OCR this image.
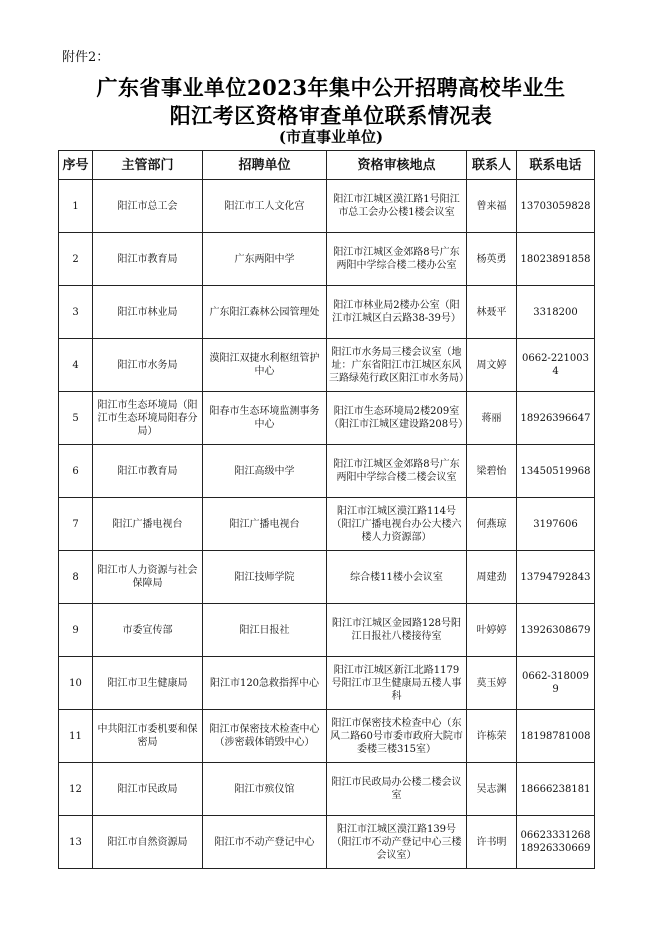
附件2：
广东省事业单位2023年集中公开招聘高校毕业生
阳江考区资格审查单位联系情况表
(市直事业单位)
序号	主管部门	招聘单位	资格审核地点	联系人	联系电话
1	阳江市总工会	阳江市工人文化宫	阳江市江城区漠江路1号阳江市总工会办公楼1楼会议室	曾来福	13703059828
2	阳江市教育局	广东两阳中学	阳江市江城区金郊路8号广东两阳中学综合楼二楼办公室	杨英勇	18023891858
3	阳江市林业局	广东阳江森林公园管理处	阳江市林业局2楼办公室（阳江市江城区白云路38-39号）	林聂平	3318200
4	阳江市水务局	漠阳江双捷水利枢纽管护中心	阳江市水务局三楼会议室（地址：广东省阳江市江城区东风三路绿苑行政区阳江市水务局）	周文婷	0662-2210034
5	阳江市生态环境局（阳江市生态环境局阳春分局）	阳春市生态环境监测事务中心	阳江市生态环境局2楼209室（阳江市江城区建设路208号）	蒋丽	18926396647
6	阳江市教育局	阳江高级中学	阳江市江城区金郊路8号广东两阳中学综合楼二楼会议室	梁碧怡	13450519968
7	阳江广播电视台	阳江广播电视台	阳江市江城区漠江路114号（阳江广播电视台办公大楼六楼人力资源部）	何燕琼	3197606
8	阳江市人力资源与社会保障局	阳江技师学院	综合楼11楼小会议室	周建劲	13794792843
9	市委宣传部	阳江日报社	阳江市江城区金园路128号阳江日报社八楼接待室	叶婷婷	13926308679
10	阳江市卫生健康局	阳江市120急救指挥中心	阳江市江城区新江北路1179号阳江市卫生健康局五楼人事科	莫玉婷	0662-3180099
11	中共阳江市委机要和保密局	阳江市保密技术检查中心（涉密载体销毁中心）	阳江市保密技术检查中心（东风二路60号市委市政府大院市委楼三楼315室）	许栋荣	18198781008
12	阳江市民政局	阳江市殡仪馆	阳江市民政局办公楼二楼会议室	吴志渊	18666238181
13	阳江市自然资源局	阳江市不动产登记中心	阳江市江城区漠江路139号（阳江市不动产登记中心三楼会议室）	许书明	06623331268 18926330669
